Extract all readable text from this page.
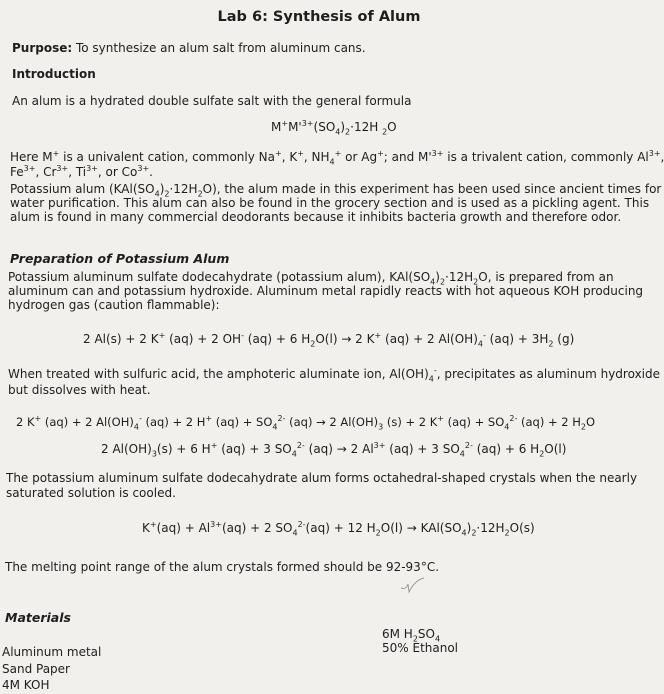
Lab 6: Synthesis of Alum
Purpose: To synthesize an alum salt from aluminum cans.
Introduction
An alum is a hydrated double sulfate salt with the general formula
$M^+M'^{3+}(SO_4)_2\cdot 12H$ $_2$O
Here M+ is a univalent cation, commonly Na+, K+, $NH_4^+$ or Ag+; and $M'^{3+}$ is a trivalent cation, commonly $Al^{3+}$,
$Fe^{3+}$, $Cr^{3+}$, $Ti^{3+}$, or $Co^{3+}$.
Potassium alum $(KAl(SO_4)_2\cdot 12H_2O)$, the alum made in this experiment has been used since ancient times for
water purification. This alum can also be found in the grocery section and is used as a pickling agent. This
alum is found in many commercial deodorants because it inhibits bacteria growth and therefore odor.
Preparation of Potassium Alum
Potassium aluminum sulfate dodecahydrate (potassium alum), $KAl(SO_4)_2\cdot 12H_2O$, is prepared from an
aluminum can and potassium hydroxide. Aluminum metal rapidly reacts with hot aqueous KOH producing
hydrogen gas (caution flammable):
2 Al(s) + 2 K+ (aq) + 2 OH- (aq) + 6 $H_2O(l) \to 2$ K+ (aq) + 2 $Al(OH)_4^-$ $(aq) + 3H_2$ (g)
When treated with sulfuric acid, the amphoteric aluminate ion, $Al(OH)_4^-$, precipitates as aluminum hydroxide
but dissolves with heat.
2 K+ (aq) + 2 $Al(OH)_4^-$ (aq) + 2 H+ $(aq) + SO_4^{2-}$ (aq) → 2 $Al(OH)_3$ (s) + 2 K+ $(aq) + SO_4^{2-}$ (aq) + 2 $H_2O$
2 $Al(OH)_3(s) + 6$ H+ (aq) + 3 $SO_4^{2-}$ (aq) → 2 $Al^{3+}$ (aq) + 3 $SO_4^{2-}$ (aq) + 6 $H_2O(l)$
The potassium aluminum sulfate dodecahydrate alum forms octahedral-shaped crystals when the nearly
saturated solution is cooled.
$K^+(aq) + Al^{3+}(aq) + 2$ $SO_4^{2-}(aq) + 12$ $H_2O(l) \to KAl(SO_4)_2\cdot 12H_2O(s)$
The melting point range of the alum crystals formed should be 92-93°C.
Materials
Aluminum metal
Sand Paper
4M KOH
6M $H_2SO_4$
50% Ethanol
